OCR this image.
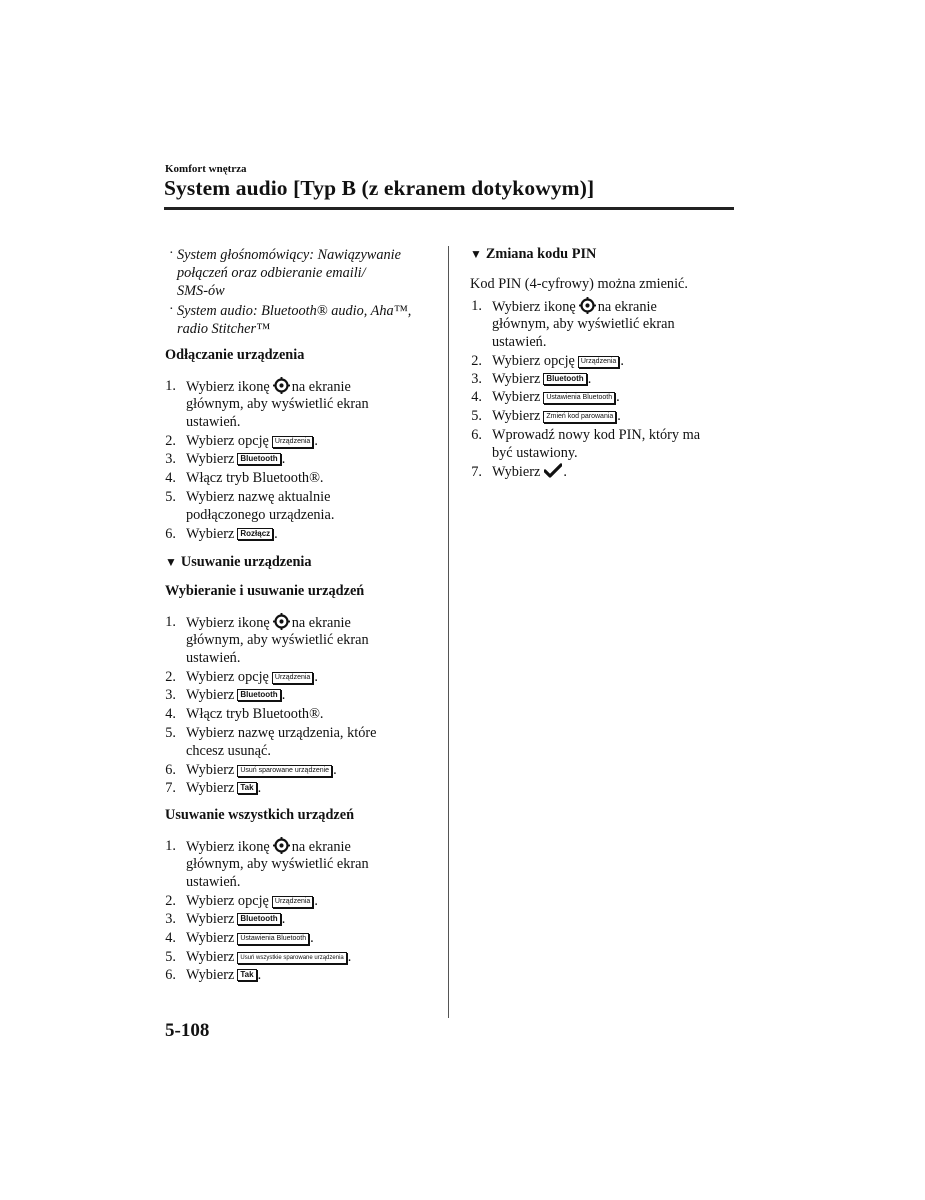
Komfort wnętrza
System audio [Typ B (z ekranem dotykowym)]
· System głośnomówiący: Nawiązywanie
połączeń oraz odbieranie emaili/
SMS-ów
· System audio: Bluetooth® audio, Aha™,
radio Stitcher™
Odłączanie urządzenia
1. Wybierz ikonę na ekranie
głównym, aby wyświetlić ekran
ustawień.
2. Wybierz opcję Urządzenia .
3. Wybierz Bluetooth .
4. Włącz tryb Bluetooth®.
5. Wybierz nazwę aktualnie
podłączonego urządzenia.
6. Wybierz Rozłącz .
▼ Usuwanie urządzenia
Wybieranie i usuwanie urządzeń
1. Wybierz ikonę na ekranie
głównym, aby wyświetlić ekran
ustawień.
2. Wybierz opcję Urządzenia .
3. Wybierz Bluetooth .
4. Włącz tryb Bluetooth®.
5. Wybierz nazwę urządzenia, które
chcesz usunąć.
6. Wybierz Usuń sparowane urządzenie .
7. Wybierz Tak .
Usuwanie wszystkich urządzeń
1. Wybierz ikonę na ekranie
głównym, aby wyświetlić ekran
ustawień.
2. Wybierz opcję Urządzenia .
3. Wybierz Bluetooth .
4. Wybierz Ustawienia Bluetooth .
5. Wybierz Usuń wszystkie sparowane urządzenia .
6. Wybierz Tak .
▼ Zmiana kodu PIN
Kod PIN (4-cyfrowy) można zmienić.
1. Wybierz ikonę na ekranie
głównym, aby wyświetlić ekran
ustawień.
2. Wybierz opcję Urządzenia .
3. Wybierz Bluetooth .
4. Wybierz Ustawienia Bluetooth .
5. Wybierz Zmień kod parowania .
6. Wprowadź nowy kod PIN, który ma
być ustawiony.
7. Wybierz .
5-108
